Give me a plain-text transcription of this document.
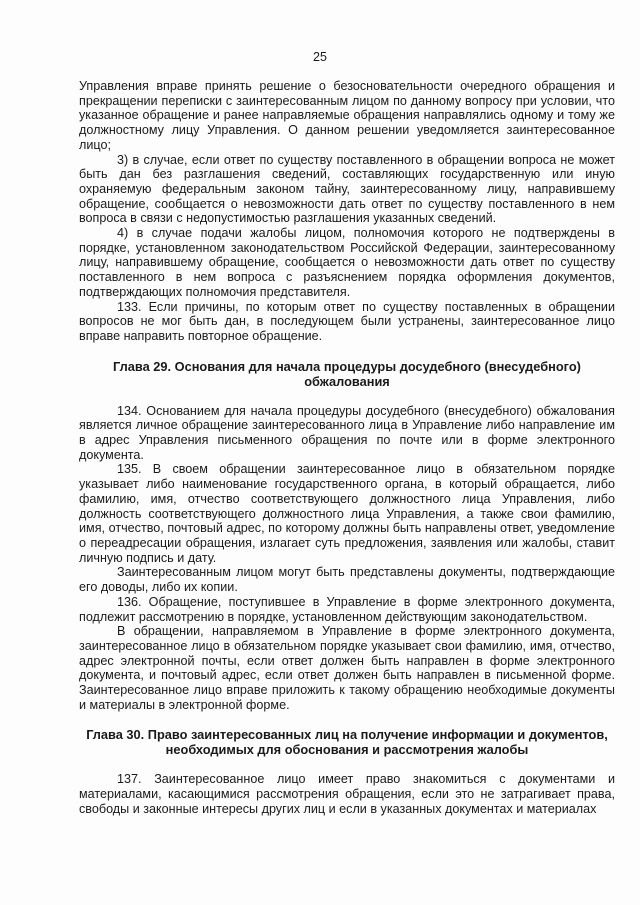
25

Управления вправе принять решение о безосновательности очередного обращения и прекращении переписки с заинтересованным лицом по данному вопросу при условии, что указанное обращение и ранее направляемые обращения направлялись одному и тому же должностному лицу Управления. О данном решении уведомляется заинтересованное лицо;

3) в случае, если ответ по существу поставленного в обращении вопроса не может быть дан без разглашения сведений, составляющих государственную или иную охраняемую федеральным законом тайну, заинтересованному лицу, направившему обращение, сообщается о невозможности дать ответ по существу поставленного в нем вопроса в связи с недопустимостью разглашения указанных сведений.

4) в случае подачи жалобы лицом, полномочия которого не подтверждены в порядке, установленном законодательством Российской Федерации, заинтересованному лицу, направившему обращение, сообщается о невозможности дать ответ по существу поставленного в нем вопроса с разъяснением порядка оформления документов, подтверждающих полномочия представителя.

133. Если причины, по которым ответ по существу поставленных в обращении вопросов не мог быть дан, в последующем были устранены, заинтересованное лицо вправе направить повторное обращение.

Глава 29. Основания для начала процедуры досудебного (внесудебного) обжалования

134. Основанием для начала процедуры досудебного (внесудебного) обжалования является личное обращение заинтересованного лица в Управление либо направление им в адрес Управления письменного обращения по почте или в форме электронного документа.

135. В своем обращении заинтересованное лицо в обязательном порядке указывает либо наименование государственного органа, в который обращается, либо фамилию, имя, отчество соответствующего должностного лица Управления, либо должность соответствующего должностного лица Управления, а также свои фамилию, имя, отчество, почтовый адрес, по которому должны быть направлены ответ, уведомление о переадресации обращения, излагает суть предложения, заявления или жалобы, ставит личную подпись и дату.

Заинтересованным лицом могут быть представлены документы, подтверждающие его доводы, либо их копии.

136. Обращение, поступившее в Управление в форме электронного документа, подлежит рассмотрению в порядке, установленном действующим законодательством.

В обращении, направляемом в Управление в форме электронного документа, заинтересованное лицо в обязательном порядке указывает свои фамилию, имя, отчество, адрес электронной почты, если ответ должен быть направлен в форме электронного документа, и почтовый адрес, если ответ должен быть направлен в письменной форме. Заинтересованное лицо вправе приложить к такому обращению необходимые документы и материалы в электронной форме.

Глава 30. Право заинтересованных лиц на получение информации и документов, необходимых для обоснования и рассмотрения жалобы

137. Заинтересованное лицо имеет право знакомиться с документами и материалами, касающимися рассмотрения обращения, если это не затрагивает права, свободы и законные интересы других лиц и если в указанных документах и материалах
